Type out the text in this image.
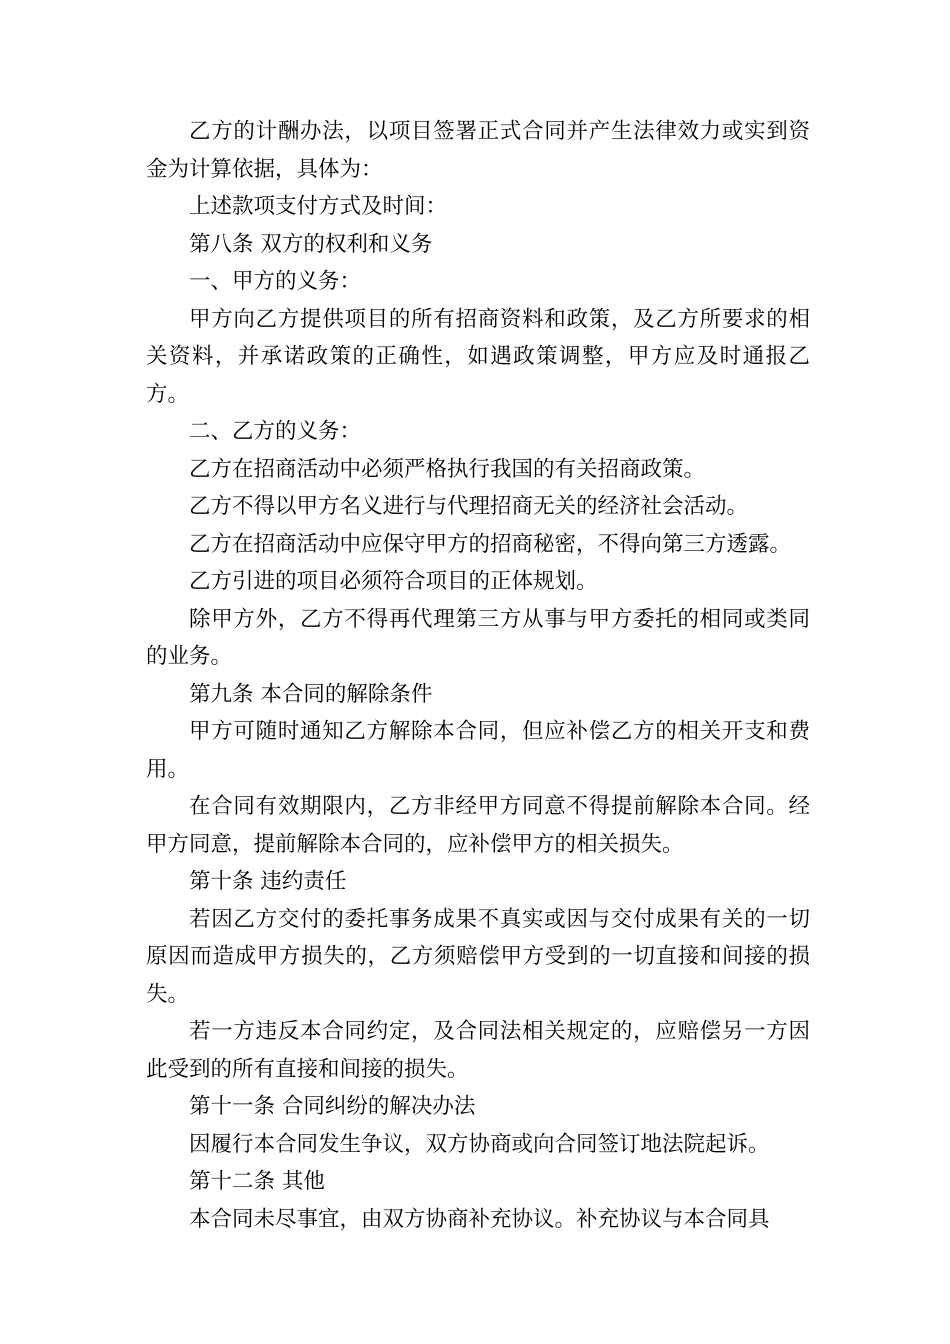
乙方的计酬办法，以项目签署正式合同并产生法律效力或实到资金为计算依据，具体为：

上述款项支付方式及时间：

第八条 双方的权利和义务

一、甲方的义务：

甲方向乙方提供项目的所有招商资料和政策，及乙方所要求的相关资料，并承诺政策的正确性，如遇政策调整，甲方应及时通报乙方。

二、乙方的义务：

乙方在招商活动中必须严格执行我国的有关招商政策。

乙方不得以甲方名义进行与代理招商无关的经济社会活动。

乙方在招商活动中应保守甲方的招商秘密，不得向第三方透露。

乙方引进的项目必须符合项目的正体规划。

除甲方外，乙方不得再代理第三方从事与甲方委托的相同或类同的业务。

第九条 本合同的解除条件

甲方可随时通知乙方解除本合同，但应补偿乙方的相关开支和费用。

在合同有效期限内，乙方非经甲方同意不得提前解除本合同。经甲方同意，提前解除本合同的，应补偿甲方的相关损失。

第十条 违约责任

若因乙方交付的委托事务成果不真实或因与交付成果有关的一切原因而造成甲方损失的，乙方须赔偿甲方受到的一切直接和间接的损失。

若一方违反本合同约定，及合同法相关规定的，应赔偿另一方因此受到的所有直接和间接的损失。

第十一条 合同纠纷的解决办法

因履行本合同发生争议，双方协商或向合同签订地法院起诉。

第十二条 其他

本合同未尽事宜，由双方协商补充协议。补充协议与本合同具
